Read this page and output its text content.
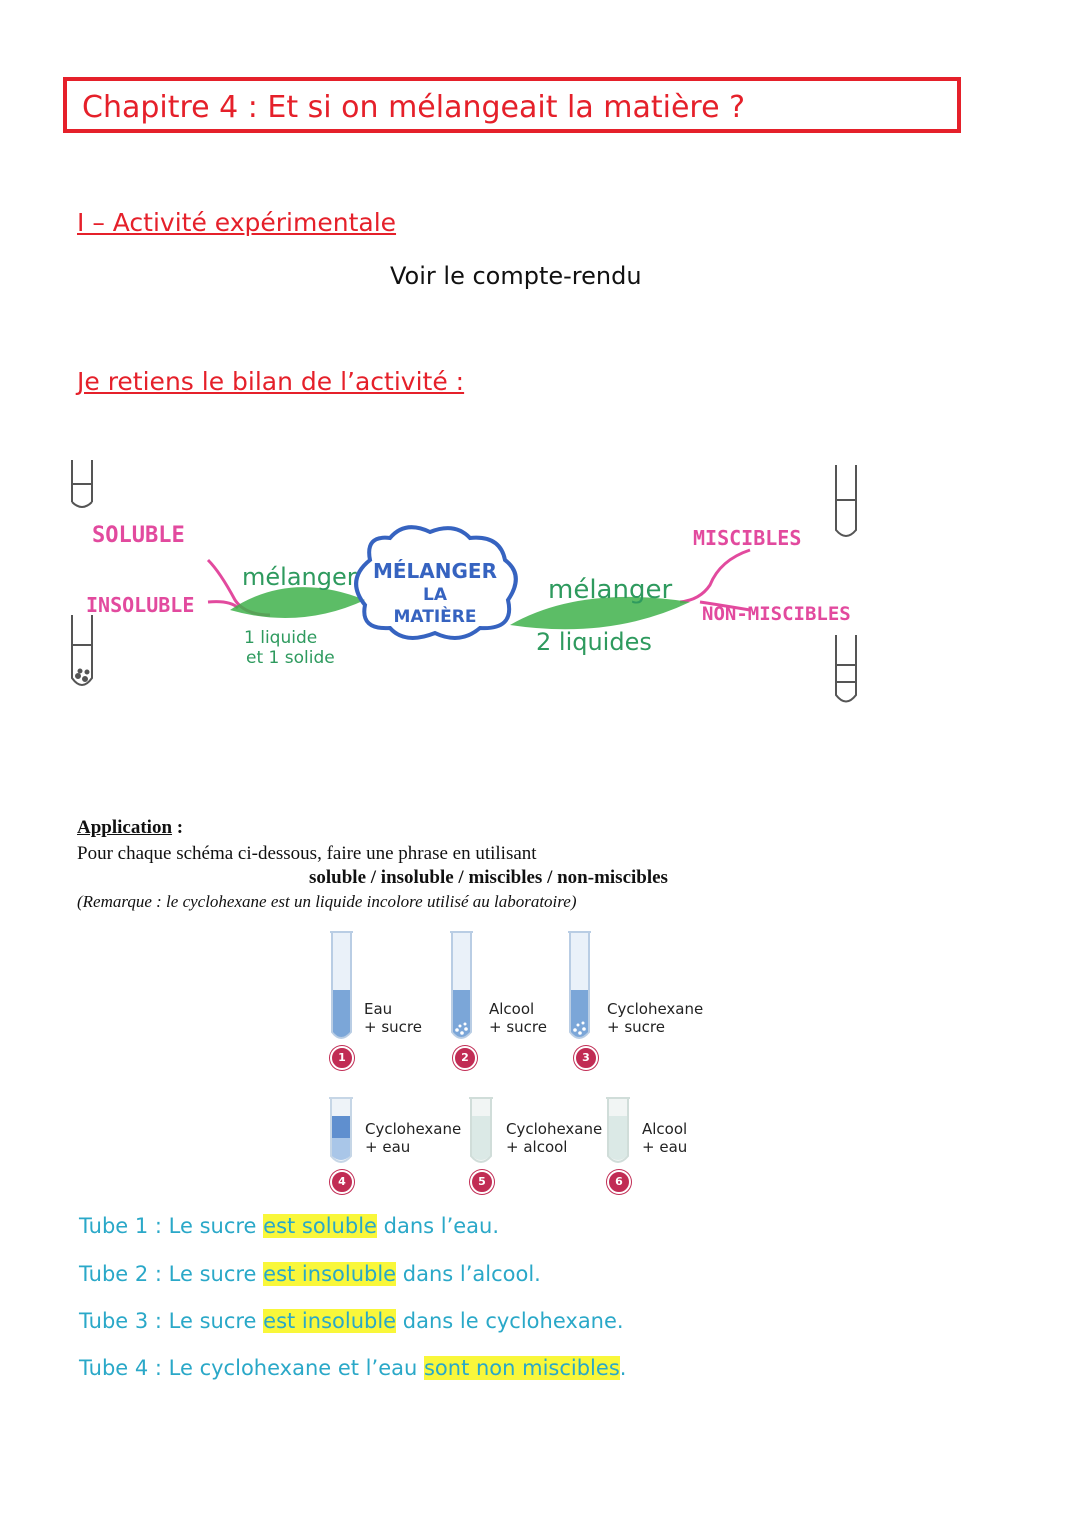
Chapitre 4 : Et si on mélangeait la matière ?
I – Activité expérimentale
Voir le compte-rendu
Je retiens le bilan de l’activité :
MÉLANGER
LA
MATIÈRE
mélanger
1 liquide
et 1 solide
mélanger
2 liquides
SOLUBLE
INSOLUBLE
MISCIBLES
NON-MISCIBLES
Application :
Pour chaque schéma ci-dessous, faire une phrase en utilisant
soluble / insoluble / miscibles / non-miscibles
(Remarque : le cyclohexane est un liquide incolore utilisé au laboratoire)
Eau
+ sucre
Alcool
+ sucre
Cyclohexane
+ sucre
1	2	3
Cyclohexane
+ eau
Cyclohexane
+ alcool
Alcool
+ eau
4	5	6
Tube 1 : Le sucre est soluble dans l’eau.
Tube 2 : Le sucre est insoluble dans l’alcool.
Tube 3 : Le sucre est insoluble dans le cyclohexane.
Tube 4 : Le cyclohexane et l’eau sont non miscibles.
